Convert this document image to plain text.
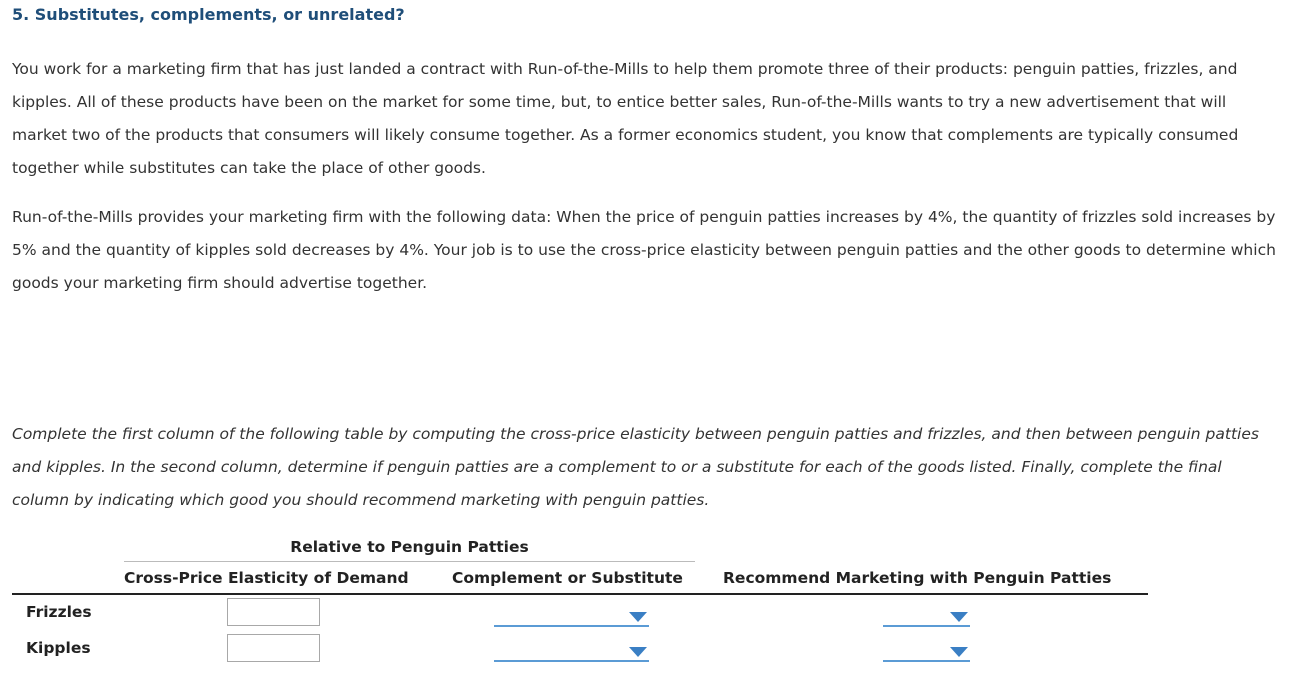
5. Substitutes, complements, or unrelated?

You work for a marketing firm that has just landed a contract with Run-of-the-Mills to help them promote three of their products: penguin patties, frizzles, and kipples. All of these products have been on the market for some time, but, to entice better sales, Run-of-the-Mills wants to try a new advertisement that will market two of the products that consumers will likely consume together. As a former economics student, you know that complements are typically consumed together while substitutes can take the place of other goods.

Run-of-the-Mills provides your marketing firm with the following data: When the price of penguin patties increases by 4%, the quantity of frizzles sold increases by 5% and the quantity of kipples sold decreases by 4%. Your job is to use the cross-price elasticity between penguin patties and the other goods to determine which goods your marketing firm should advertise together.

Complete the first column of the following table by computing the cross-price elasticity between penguin patties and frizzles, and then between penguin patties and kipples. In the second column, determine if penguin patties are a complement to or a substitute for each of the goods listed. Finally, complete the final column by indicating which good you should recommend marketing with penguin patties.

Relative to Penguin Patties
Cross-Price Elasticity of Demand	Complement or Substitute	Recommend Marketing with Penguin Patties
Frizzles
Kipples
